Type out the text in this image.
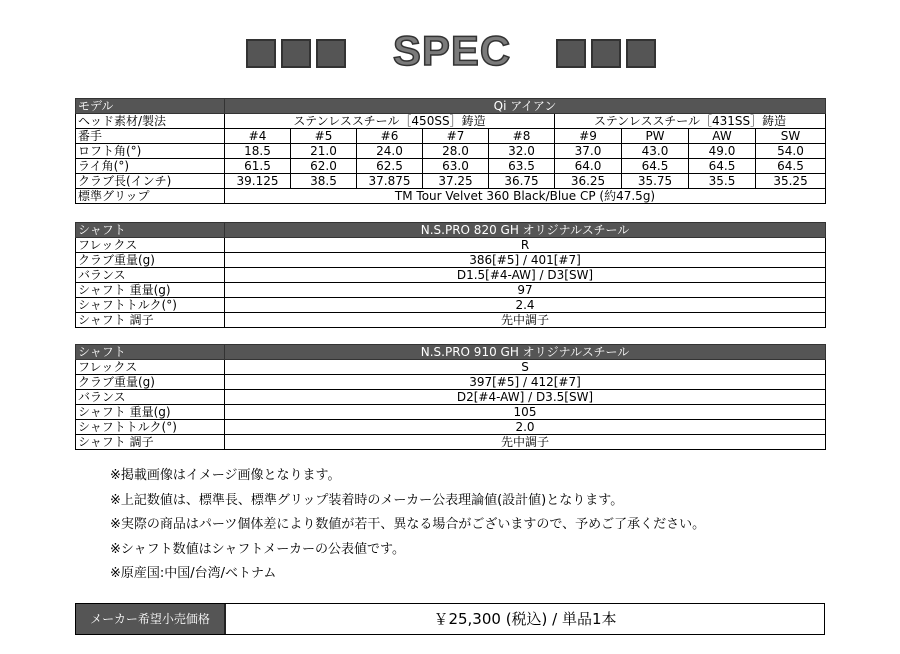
SPEC
モデル	Qi アイアン								
ヘッド素材/製法	ステンレススチール［450SS］鋳造					ステンレススチール［431SS］鋳造			
番手	#4	#5	#6	#7	#8	#9	PW	AW	SW
ロフト角(°)	18.5	21.0	24.0	28.0	32.0	37.0	43.0	49.0	54.0
ライ角(°)	61.5	62.0	62.5	63.0	63.5	64.0	64.5	64.5	64.5
クラブ長(インチ)	39.125	38.5	37.875	37.25	36.75	36.25	35.75	35.5	35.25
標準グリップ	TM Tour Velvet 360 Black/Blue CP (約47.5g)								
シャフト	N.S.PRO 820 GH オリジナルスチール
フレックス	R
クラブ重量(g)	386[#5] / 401[#7]
バランス	D1.5[#4-AW] / D3[SW]
シャフト 重量(g)	97
シャフトトルク(°)	2.4
シャフト 調子	先中調子
シャフト	N.S.PRO 910 GH オリジナルスチール
フレックス	S
クラブ重量(g)	397[#5] / 412[#7]
バランス	D2[#4-AW] / D3.5[SW]
シャフト 重量(g)	105
シャフトトルク(°)	2.0
シャフト 調子	先中調子
※掲載画像はイメージ画像となります。
※上記数値は、標準長、標準グリップ装着時のメーカー公表理論値(設計値)となります。
※実際の商品はパーツ個体差により数値が若干、異なる場合がございますので、予めご了承ください。
※シャフト数値はシャフトメーカーの公表値です。
※原産国:中国/台湾/ベトナム
メーカー希望小売価格	￥25,300 (税込) / 単品1本
